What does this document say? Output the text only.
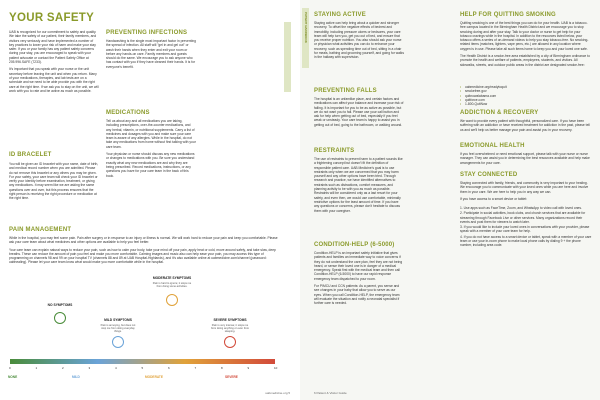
YOUR SAFETY

UAB is recognized for our commitment to safety and quality. We take the safety of our patient, their family members, and visitors very seriously and have implemented a number of key practices to lower your risk of harm and make your stay safer. If you or your family has any patient safety concerns during your stay, you are encouraged to speak with your patient advocate or contact the Patient Safety Office at 205.996.SAFE (7233).

It's important that you speak with your nurse or the unit secretary before leaving the unit and when you return. Many of your medications, therapies, and lab tests are on a schedule and we need to be able provide you with the right care at the right time. If we ask you to stay on the unit, we will work with you to rate and be active as much as possible.

ID BRACELET
You will be given an ID bracelet with your name, date of birth, and medical record number when you are admitted. Please do not remove this bracelet or any others you may be given. For your safety, your care team will check your ID bracelet or verify your identity before examination, treatment, or giving any medications. It may seem like we are asking the same questions over and over, but this process ensures that the right person is receiving the right procedure or medication at the right time.
PREVENTING INFECTIONS
Handwashing is the single most important factor in preventing the spread of infection. All staff will "gel in and gel out" or wash their hands when they enter and exit your room or before any hands-on care. Family members and guests should do the same. We encourage you to ask anyone who has contact with you if they have cleaned their hands. It is for everyone's benefit.
MEDICATIONS

Tell us about any and all medications you are taking, including prescriptions, over-the-counter medications, and any herbal, vitamin, or nutritional supplements. Carry a list of medicines and dosages with you and make sure your care team is aware of any allergies. While in the hospital, do not take any medications from home without first talking with your care team.

Your physician or nurse should discuss any new medications or changes to medications with you. Be sure you understand exactly what any new medications are and why they are being prescribed. Record medications, instructions, or any questions you have for your care team in the back of this book.

PAIN MANAGEMENT

While in the hospital, you may feel some pain. Pain after surgery or in response to an injury or illness is normal. We will work hard to reduce your pain and keep you comfortable. Please ask your care team about what medicines and other options are available to help you feel better.

Your care team can explain natural ways to reduce your pain, such as how to calm your body, take your mind off your pain, apply heat or cold, move around safely, and take slow, deep breaths. These can reduce the amount of pain you feel and make you more comfortable. Calming images and music also can help ease your pain, you may access this type of programming on channels 98 and 99 on your hospital TV (channels 88 and 89 at UAB Hospital-Highlands), and it's also available online at uabmedicine.com/channel (password: uabhealing). Please let your care team know what would make you more comfortable while in the hospital.

NO SYMPTOMS
MILD SYMPTOMS
Pain is annoying, but does not stop me from doing everyday things.
MODERATE SYMPTOMS
Pain is hard to ignore; it stops me from doing some activities.
SEVERE SYMPTOMS
Pain is very intense; it stops me from doing anything or even from sleeping.
0	1	2	3	4	5	6	7	8	9	10
NONE	MILD	MODERATE	SEVERE
uabmedicine.org 5
PATIENT HANDBOOK STAYING ACTIVE
Staying active can help bring about a quicker and stronger recovery. To offset the negative effects of bedrest and immobility, including pressure ulcers or bedsores, your care team will help turn you, get you out of bed, and ensure that you receive proper nutrition. You also should ask your nurse or physician what activities you can do to enhance your recovery, such as spending time out of bed, sitting in a chair for meals, bathing and grooming yourself, and going for walks in the hallway with supervision.
PREVENTING FALLS
The hospital is an unfamiliar place, and certain factors and medications can affect your balance and increase your risk of falling. It is important for you to be as active as possible, but we do not want you to fall. Please use your call button and ask for help when getting out of bed, especially if you feel weak or unsteady. Your care team is happy to assist you in getting out of bed, going to the bathroom, or walking around.
RESTRAINTS
The use of restraints to prevent harm to a patient sounds like a frightening concept but doesn't fit the definition of responsible patient care. UAB Medicine's goal is to use restraints only when we are concerned that you may harm yourself and any other options have been tried. Through research and practice, we have identified alternatives to restraints such as distractions, comfort measures, and planning activity to be with you as much as possible. Restraints will be considered only as a last resort for your safety, and even then, we would use comfortable, minimally restrictive options for the least amount of time. If you have any questions or concerns, please don't hesitate to discuss them with your caregiver.
CONDITION-HELP (6-5000)

Condition-HELP is an important safety initiative that gives patients and families an immediate way to voice concerns if they do not understand the care plan, feel they are not being heard, or sense their loved one is in danger of a medical emergency. Speak first with the medical team and then call Condition-HELP (6-5000) to have our rapid response emergency team dispatched to your room.

For PIMCU and CCN patients: As a parent, you sense and see changes in your baby that allow you to serve as our eyes. When you call Condition-HELP, the emergency team will evaluate the situation and notify a neonatal specialist if further care is needed.

HELP FOR QUITTING SMOKING

Quitting smoking is one of the best things you can do for your health. UAB is a tobacco-free campus located in the Birmingham Health District and we encourage you to stop smoking during and after your stay. Talk to your doctor or nurse to get help for your tobacco cravings while in the hospital. In addition to the resources listed below, your tobacco offers a series of on-demand videos to help you stay tobacco-free. No smoking-related items (matches, lighters, vape pens, etc.) are allowed in any location where oxygen is in use. Please take all such items home to keep you and your loved one safe.

The Health District is a smoke-free area established by a city of Birmingham ordinance to promote the health and welfare of patients, employees, students, and visitors. All sidewalks, streets, and outdoor public areas in the district are designated smoke-free:

• uabmedicine.org/readytoquit
• smokefree.gov
• quitnowalabama.com
• quitforce.com
• 1-800-QuitNow
ADDICTION & RECOVERY
We want to provide every patient with thoughtful, personalized care. If you have been suffering with an addiction or have received treatment for addiction in the past, please tell us and we'll help us better manage your pain and assist you in your recovery.
EMOTIONAL HEALTH
If you feel overwhelmed or need emotional support, please talk with your nurse or nurse manager. They can assist you in determining the best resources available and help make arrangements for your care.
STAY CONNECTED

Staying connected with family, friends, and community is very important to your healing. We encourage you to communicate with your loved ones while you are here and involve them in your care. We are here to help you in any way we can.

If you have access to a smart device or tablet:

1. Use apps such as FaceTime, Zoom, and WhatsApp to video call with loved ones.
2. Participate in social activities, book clubs, and church services that are available for streaming through Facebook Live or other services. Many organizations record their events and post them for viewers to watch later.
3. If you would like to include your loved ones in conversations with your provider, please speak with a member of your care team for help.
4. If you do not have access to a smart device or tablet, speak with a member of your care team or use your in-room phone to make local phone calls by dialing 9 + the phone number, including area code.
6 Patient & Visitor Guide
